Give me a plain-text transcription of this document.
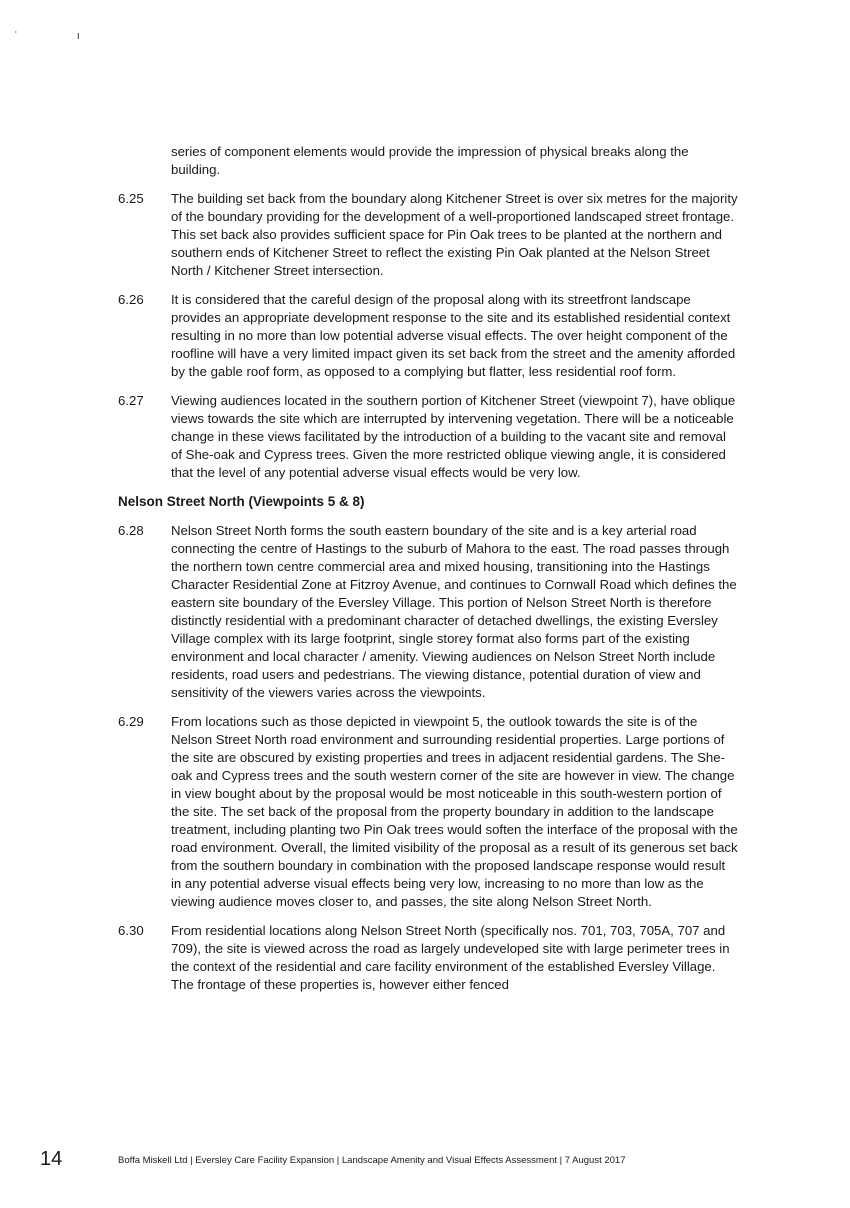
ʿ ı

series of component elements would provide the impression of physical breaks along the building.

6.25	The building set back from the boundary along Kitchener Street is over six metres for the majority of the boundary providing for the development of a well-proportioned landscaped street frontage. This set back also provides sufficient space for Pin Oak trees to be planted at the northern and southern ends of Kitchener Street to reflect the existing Pin Oak planted at the Nelson Street North / Kitchener Street intersection.
6.26	It is considered that the careful design of the proposal along with its streetfront landscape provides an appropriate development response to the site and its established residential context resulting in no more than low potential adverse visual effects. The over height component of the roofline will have a very limited impact given its set back from the street and the amenity afforded by the gable roof form, as opposed to a complying but flatter, less residential roof form.
6.27	Viewing audiences located in the southern portion of Kitchener Street (viewpoint 7), have oblique views towards the site which are interrupted by intervening vegetation. There will be a noticeable change in these views facilitated by the introduction of a building to the vacant site and removal of She-oak and Cypress trees. Given the more restricted oblique viewing angle, it is considered that the level of any potential adverse visual effects would be very low.
Nelson Street North (Viewpoints 5 & 8)
6.28	Nelson Street North forms the south eastern boundary of the site and is a key arterial road connecting the centre of Hastings to the suburb of Mahora to the east. The road passes through the northern town centre commercial area and mixed housing, transitioning into the Hastings Character Residential Zone at Fitzroy Avenue, and continues to Cornwall Road which defines the eastern site boundary of the Eversley Village. This portion of Nelson Street North is therefore distinctly residential with a predominant character of detached dwellings, the existing Eversley Village complex with its large footprint, single storey format also forms part of the existing environment and local character / amenity. Viewing audiences on Nelson Street North include residents, road users and pedestrians. The viewing distance, potential duration of view and sensitivity of the viewers varies across the viewpoints.
6.29	From locations such as those depicted in viewpoint 5, the outlook towards the site is of the Nelson Street North road environment and surrounding residential properties. Large portions of the site are obscured by existing properties and trees in adjacent residential gardens. The She-oak and Cypress trees and the south western corner of the site are however in view. The change in view bought about by the proposal would be most noticeable in this south-western portion of the site. The set back of the proposal from the property boundary in addition to the landscape treatment, including planting two Pin Oak trees would soften the interface of the proposal with the road environment. Overall, the limited visibility of the proposal as a result of its generous set back from the southern boundary in combination with the proposed landscape response would result in any potential adverse visual effects being very low, increasing to no more than low as the viewing audience moves closer to, and passes, the site along Nelson Street North.
6.30	From residential locations along Nelson Street North (specifically nos. 701, 703, 705A, 707 and 709), the site is viewed across the road as largely undeveloped site with large perimeter trees in the context of the residential and care facility environment of the established Eversley Village. The frontage of these properties is, however either fenced
14	Boffa Miskell Ltd | Eversley Care Facility Expansion | Landscape Amenity and Visual Effects Assessment | 7 August 2017
